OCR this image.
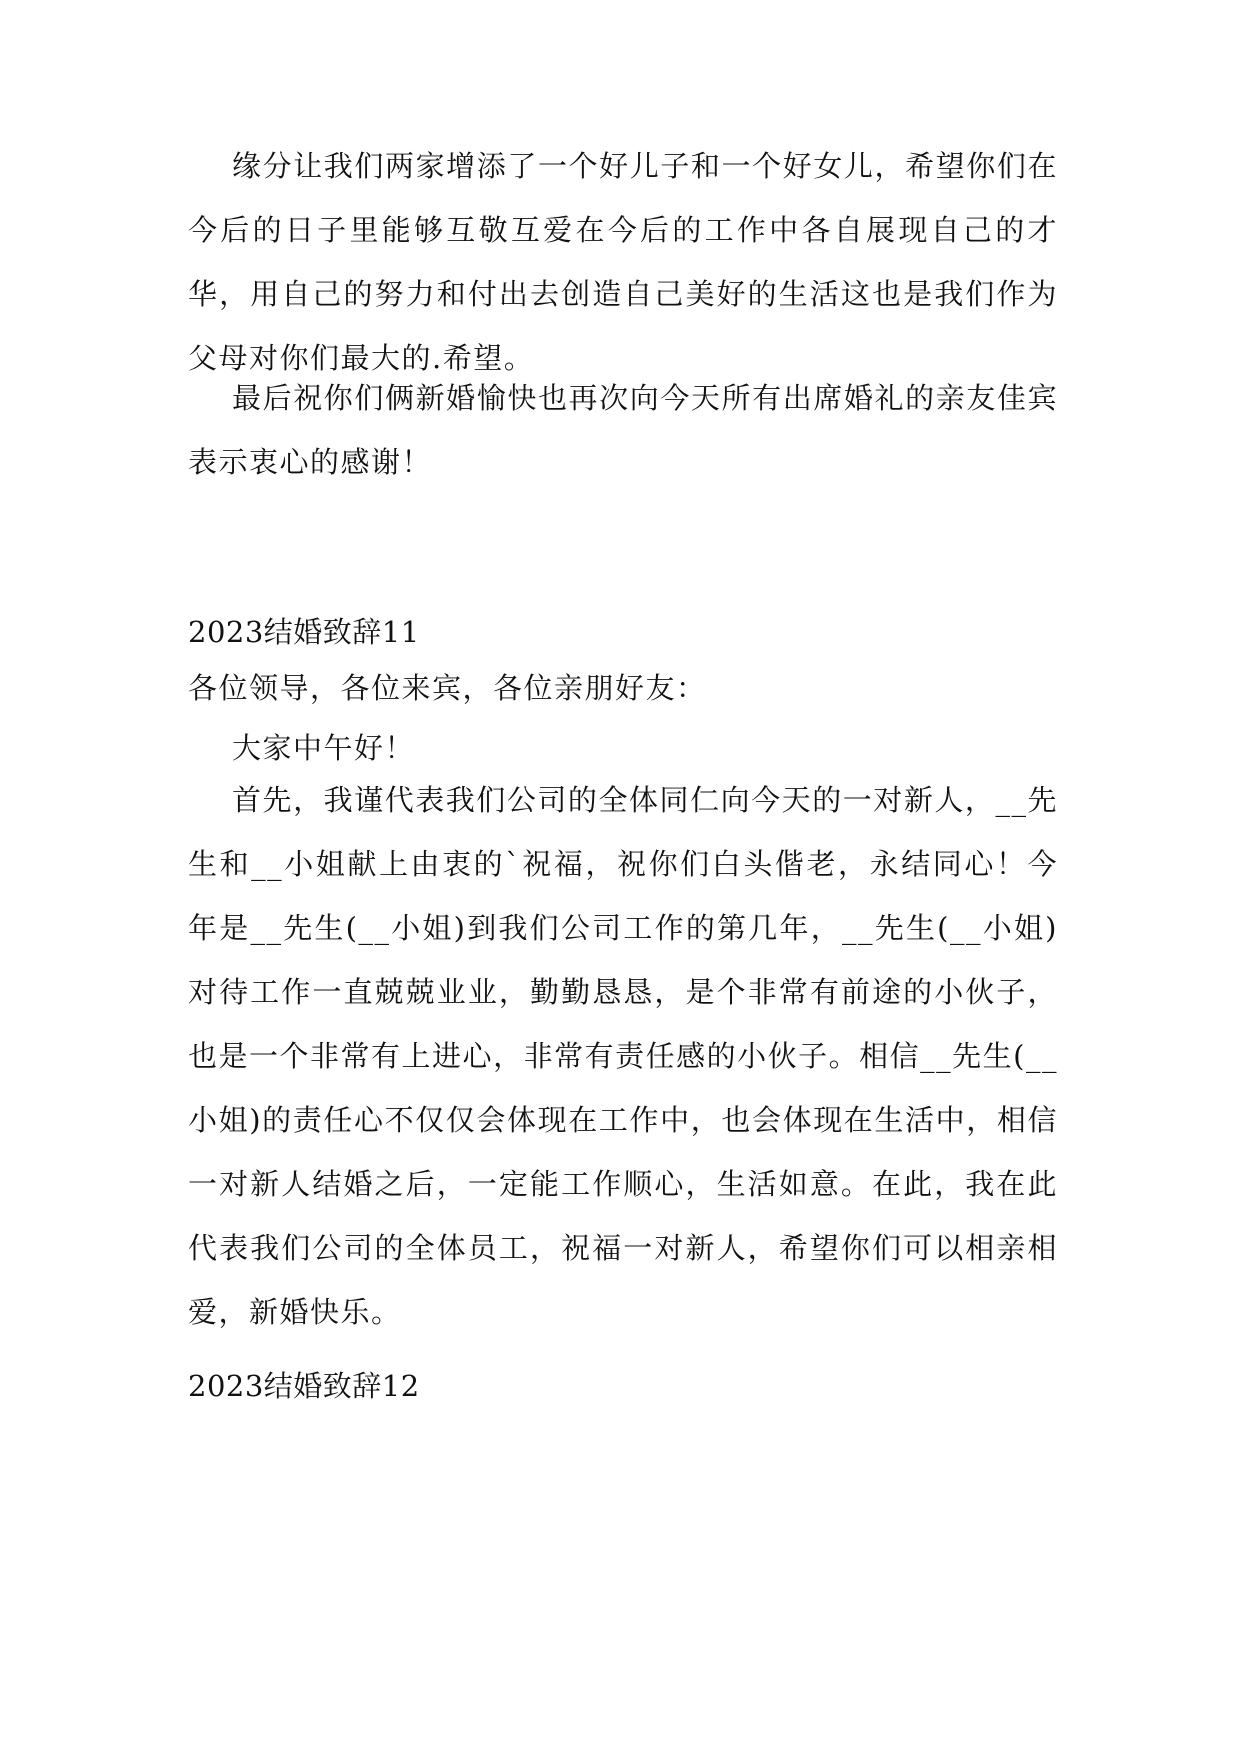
缘分让我们两家增添了一个好儿子和一个好女儿，希望你们在今后的日子里能够互敬互爱在今后的工作中各自展现自己的才华，用自己的努力和付出去创造自己美好的生活这也是我们作为父母对你们最大的.希望。

最后祝你们俩新婚愉快也再次向今天所有出席婚礼的亲友佳宾表示衷心的感谢！

2023结婚致辞11

各位领导，各位来宾，各位亲朋好友：

大家中午好！

首先，我谨代表我们公司的全体同仁向今天的一对新人，__先生和__小姐献上由衷的`祝福，祝你们白头偕老，永结同心！今年是__先生(__小姐)到我们公司工作的第几年，__先生(__小姐)对待工作一直兢兢业业，勤勤恳恳，是个非常有前途的小伙子，也是一个非常有上进心，非常有责任感的小伙子。相信__先生(__小姐)的责任心不仅仅会体现在工作中，也会体现在生活中，相信一对新人结婚之后，一定能工作顺心，生活如意。在此，我在此代表我们公司的全体员工，祝福一对新人，希望你们可以相亲相爱，新婚快乐。

2023结婚致辞12
